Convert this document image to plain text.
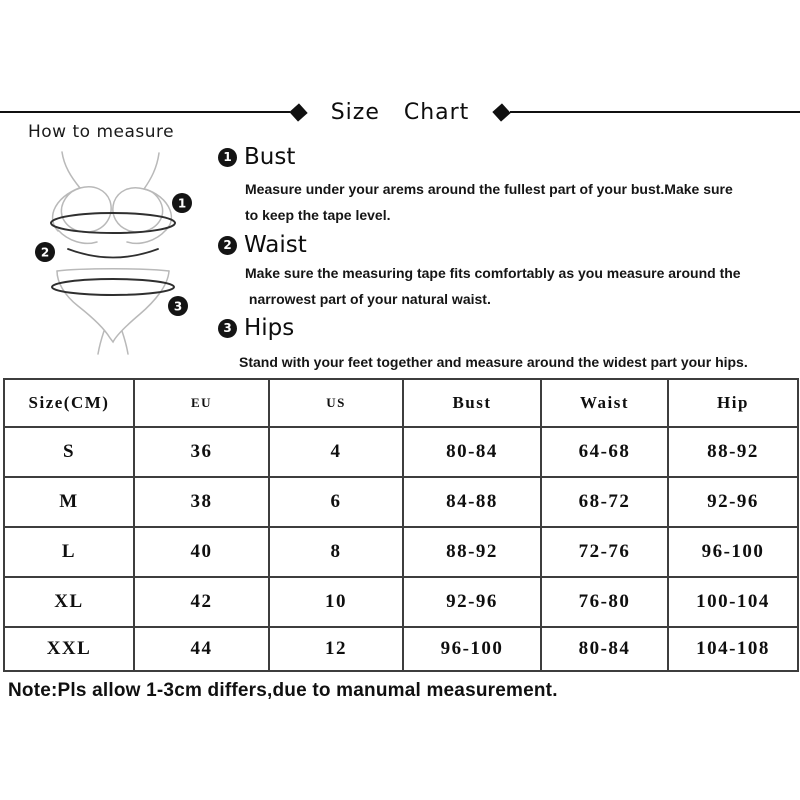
Size Chart
How to measure
1
2
3
1 Bust
Measure under your arems around the fullest part of your bust.Make sure
to keep the tape level.
2 Waist
Make sure the measuring tape fits comfortably as you measure around the
narrowest part of your natural waist.
3 Hips
Stand with your feet together and measure around the widest part your hips.
Size(CM)	EU	US	Bust	Waist	Hip
S	36	4	80-84	64-68	88-92
M	38	6	84-88	68-72	92-96
L	40	8	88-92	72-76	96-100
XL	42	10	92-96	76-80	100-104
XXL	44	12	96-100	80-84	104-108
Note:Pls allow 1-3cm differs,due to manumal measurement.
